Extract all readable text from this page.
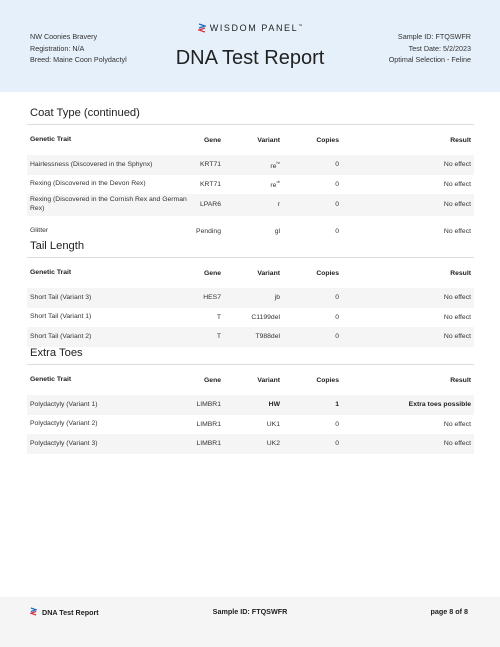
NW Coonies Bravery
Registration: N/A
Breed: Maine Coon Polydactyl
WISDOM PANEL™
DNA Test Report
Sample ID: FTQSWFR
Test Date: 5/2/2023
Optimal Selection - Feline
Coat Type (continued)
Genetic Trait	Gene	Variant	Copies	Result
Hairlessness (Discovered in the Sphynx)	KRT71	$re^{hr}$	0	No effect
Rexing (Discovered in the Devon Rex)	KRT71	$re^{dr}$	0	No effect
Rexing (Discovered in the Cornish Rex and German Rex)	LPAR6	r	0	No effect
Glitter	Pending	gl	0	No effect
Tail Length
Genetic Trait	Gene	Variant	Copies	Result
Short Tail (Variant 3)	HES7	jb	0	No effect
Short Tail (Variant 1)	T	C1199del	0	No effect
Short Tail (Variant 2)	T	T988del	0	No effect
Extra Toes
Genetic Trait	Gene	Variant	Copies	Result
Polydactyly (Variant 1)	LIMBR1	HW	1	Extra toes possible
Polydactyly (Variant 2)	LIMBR1	UK1	0	No effect
Polydactyly (Variant 3)	LIMBR1	UK2	0	No effect
DNA Test Report	Sample ID: FTQSWFR	page 8 of 8
